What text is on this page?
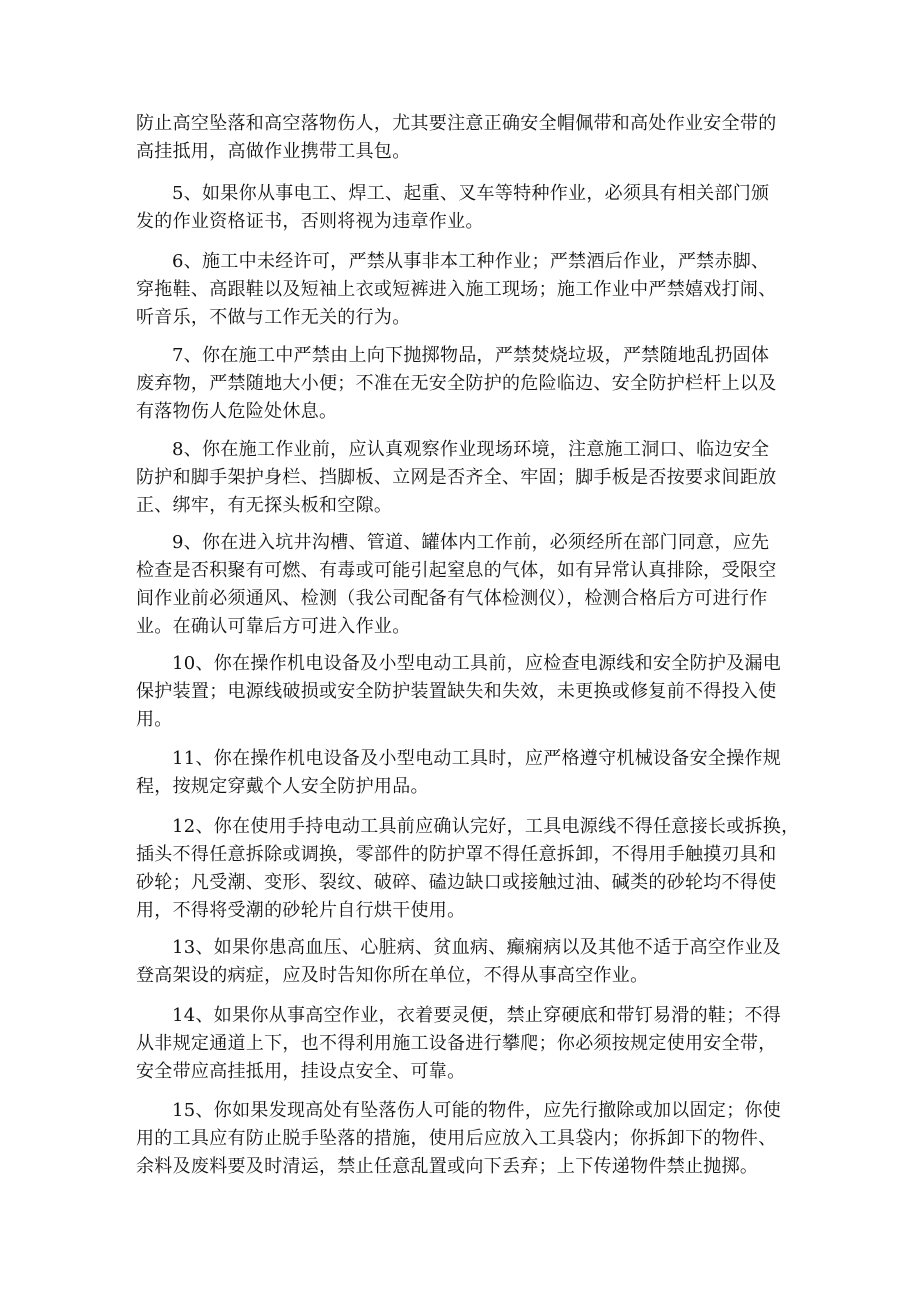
防止高空坠落和高空落物伤人，尤其要注意正确安全帽佩带和高处作业安全带的
高挂抵用，高做作业携带工具包。

5、如果你从事电工、焊工、起重、叉车等特种作业，必须具有相关部门颁
发的作业资格证书，否则将视为违章作业。

6、施工中未经许可，严禁从事非本工种作业；严禁酒后作业，严禁赤脚、
穿拖鞋、高跟鞋以及短袖上衣或短裤进入施工现场；施工作业中严禁嬉戏打闹、
听音乐，不做与工作无关的行为。

7、你在施工中严禁由上向下抛掷物品，严禁焚烧垃圾，严禁随地乱扔固体
废弃物，严禁随地大小便；不准在无安全防护的危险临边、安全防护栏杆上以及
有落物伤人危险处休息。

8、你在施工作业前，应认真观察作业现场环境，注意施工洞口、临边安全
防护和脚手架护身栏、挡脚板、立网是否齐全、牢固；脚手板是否按要求间距放
正、绑牢，有无探头板和空隙。

9、你在进入坑井沟槽、管道、罐体内工作前，必须经所在部门同意，应先
检查是否积聚有可燃、有毒或可能引起窒息的气体，如有异常认真排除，受限空
间作业前必须通风、检测（我公司配备有气体检测仪），检测合格后方可进行作
业。在确认可靠后方可进入作业。

10、你在操作机电设备及小型电动工具前，应检查电源线和安全防护及漏电
保护装置；电源线破损或安全防护装置缺失和失效，未更换或修复前不得投入使
用。

11、你在操作机电设备及小型电动工具时，应严格遵守机械设备安全操作规
程，按规定穿戴个人安全防护用品。

12、你在使用手持电动工具前应确认完好，工具电源线不得任意接长或拆换，
插头不得任意拆除或调换，零部件的防护罩不得任意拆卸，不得用手触摸刃具和
砂轮；凡受潮、变形、裂纹、破碎、磕边缺口或接触过油、碱类的砂轮均不得使
用，不得将受潮的砂轮片自行烘干使用。

13、如果你患高血压、心脏病、贫血病、癫痫病以及其他不适于高空作业及
登高架设的病症，应及时告知你所在单位，不得从事高空作业。

14、如果你从事高空作业，衣着要灵便，禁止穿硬底和带钉易滑的鞋；不得
从非规定通道上下，也不得利用施工设备进行攀爬；你必须按规定使用安全带，
安全带应高挂抵用，挂设点安全、可靠。

15、你如果发现高处有坠落伤人可能的物件，应先行撤除或加以固定；你使
用的工具应有防止脱手坠落的措施，使用后应放入工具袋内；你拆卸下的物件、
余料及废料要及时清运，禁止任意乱置或向下丢弃；上下传递物件禁止抛掷。
